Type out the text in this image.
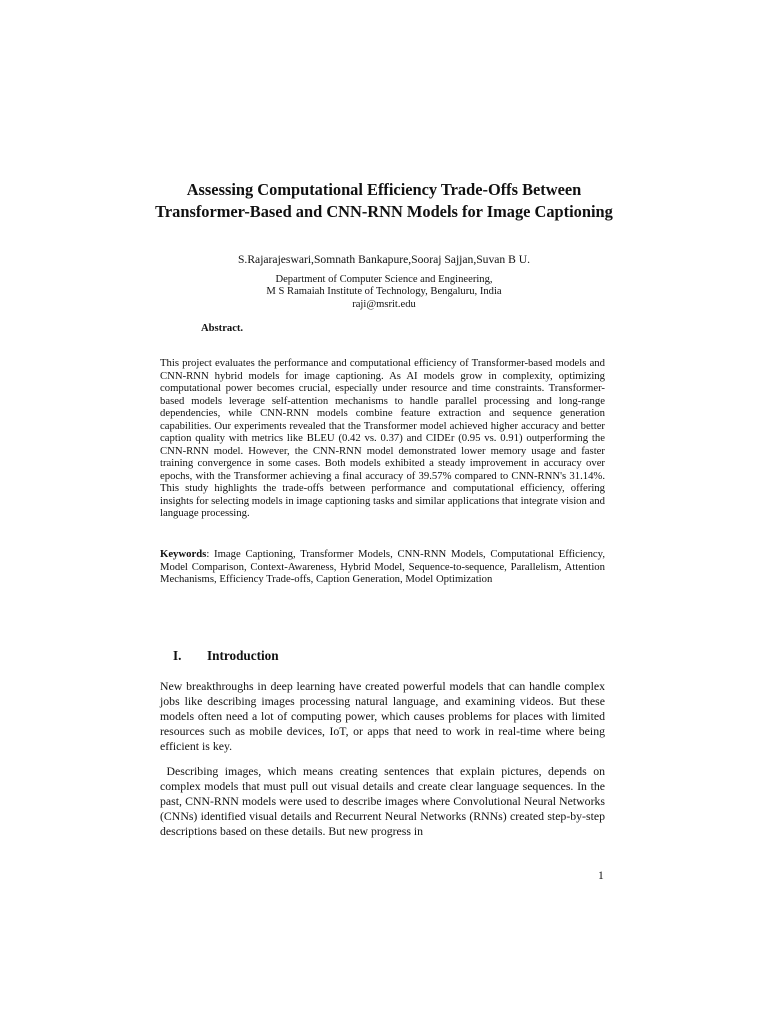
Assessing Computational Efficiency Trade-Offs Between Transformer-Based and CNN-RNN Models for Image Captioning
S.Rajarajeswari,Somnath Bankapure,Sooraj Sajjan,Suvan B U.
Department of Computer Science and Engineering,
M S Ramaiah Institute of Technology, Bengaluru, India
raji@msrit.edu
Abstract.
This project evaluates the performance and computational efficiency of Transformer-based models and CNN-RNN hybrid models for image captioning. As AI models grow in complexity, optimizing computational power becomes crucial, especially under resource and time constraints. Transformer-based models leverage self-attention mechanisms to handle parallel processing and long-range dependencies, while CNN-RNN models combine feature extraction and sequence generation capabilities. Our experiments revealed that the Transformer model achieved higher accuracy and better caption quality with metrics like BLEU (0.42 vs. 0.37) and CIDEr (0.95 vs. 0.91) outperforming the CNN-RNN model. However, the CNN-RNN model demonstrated lower memory usage and faster training convergence in some cases. Both models exhibited a steady improvement in accuracy over epochs, with the Transformer achieving a final accuracy of 39.57% compared to CNN-RNN's 31.14%. This study highlights the trade-offs between performance and computational efficiency, offering insights for selecting models in image captioning tasks and similar applications that integrate vision and language processing.
Keywords: Image Captioning, Transformer Models, CNN-RNN Models, Computational Efficiency, Model Comparison, Context-Awareness, Hybrid Model, Sequence-to-sequence, Parallelism, Attention Mechanisms, Efficiency Trade-offs, Caption Generation, Model Optimization
I. Introduction
New breakthroughs in deep learning have created powerful models that can handle complex jobs like describing images processing natural language, and examining videos. But these models often need a lot of computing power, which causes problems for places with limited resources such as mobile devices, IoT, or apps that need to work in real-time where being efficient is key.
Describing images, which means creating sentences that explain pictures, depends on complex models that must pull out visual details and create clear language sequences. In the past, CNN-RNN models were used to describe images where Convolutional Neural Networks (CNNs) identified visual details and Recurrent Neural Networks (RNNs) created step-by-step descriptions based on these details. But new progress in
1
